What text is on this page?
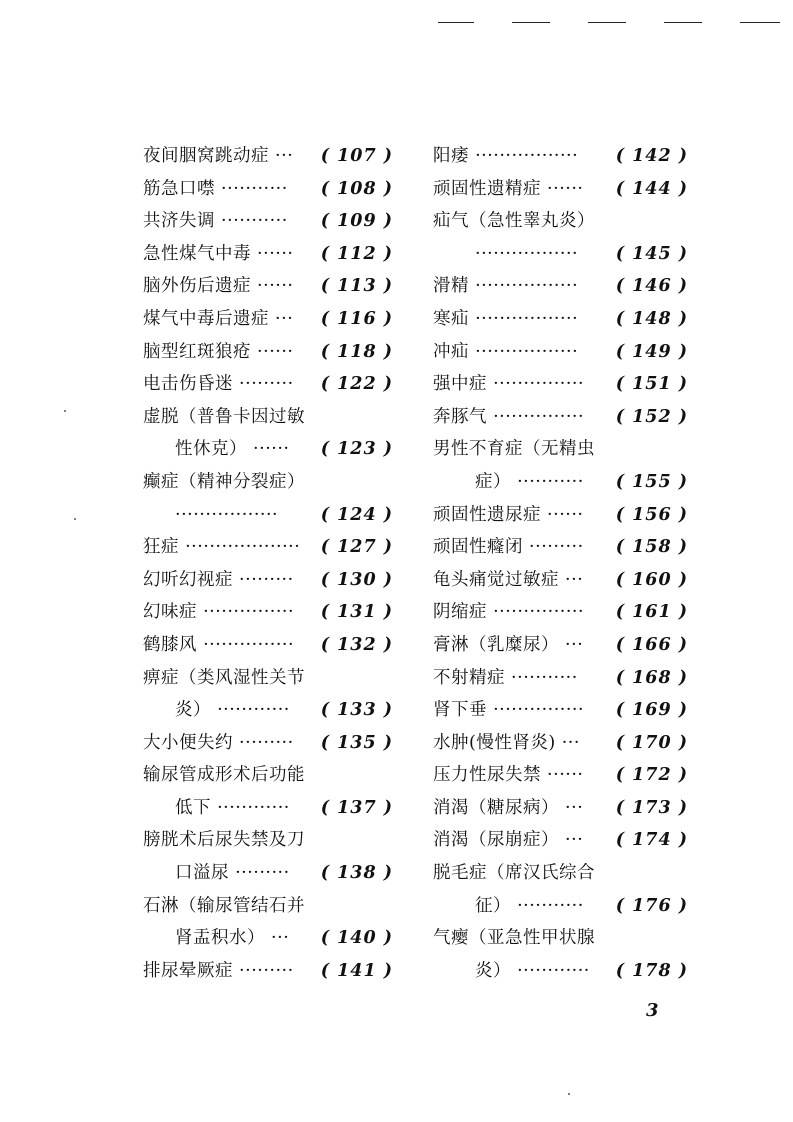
夜间胭窝跳动症 ··· ( 107 )
筋急口噤 ··········· ( 108 )
共济失调 ··········· ( 109 )
急性煤气中毒 ······ ( 112 )
脑外伤后遗症 ······ ( 113 )
煤气中毒后遗症 ··· ( 116 )
脑型红斑狼疮 ······ ( 118 )
电击伤昏迷 ········· ( 122 )
虚脱（普鲁卡因过敏
性休克） ······ ( 123 )
癫症（精神分裂症）
················· ( 124 )
狂症 ··················· ( 127 )
幻听幻视症 ········· ( 130 )
幻味症 ··············· ( 131 )
鹤膝风 ··············· ( 132 )
痹症（类风湿性关节
炎） ············ ( 133 )
大小便失约 ········· ( 135 )
输尿管成形术后功能
低下 ············ ( 137 )
膀胱术后尿失禁及刀
口溢尿 ········· ( 138 )
石淋（输尿管结石并
肾盂积水） ··· ( 140 )
排尿晕厥症 ········· ( 141 )
阳痿 ················· ( 142 )
顽固性遗精症 ······ ( 144 )
疝气（急性睾丸炎）
················· ( 145 )
滑精 ················· ( 146 )
寒疝 ················· ( 148 )
冲疝 ················· ( 149 )
强中症 ··············· ( 151 )
奔豚气 ··············· ( 152 )
男性不育症（无精虫
症） ··········· ( 155 )
顽固性遗尿症 ······ ( 156 )
顽固性癃闭 ········· ( 158 )
龟头痛觉过敏症 ··· ( 160 )
阴缩症 ··············· ( 161 )
膏淋（乳糜尿） ··· ( 166 )
不射精症 ··········· ( 168 )
肾下垂 ··············· ( 169 )
水肿(慢性肾炎) ··· ( 170 )
压力性尿失禁 ······ ( 172 )
消渴（糖尿病） ··· ( 173 )
消渴（尿崩症） ··· ( 174 )
脱毛症（席汉氏综合
征） ··········· ( 176 )
气瘿（亚急性甲状腺
炎） ············ ( 178 )
3
